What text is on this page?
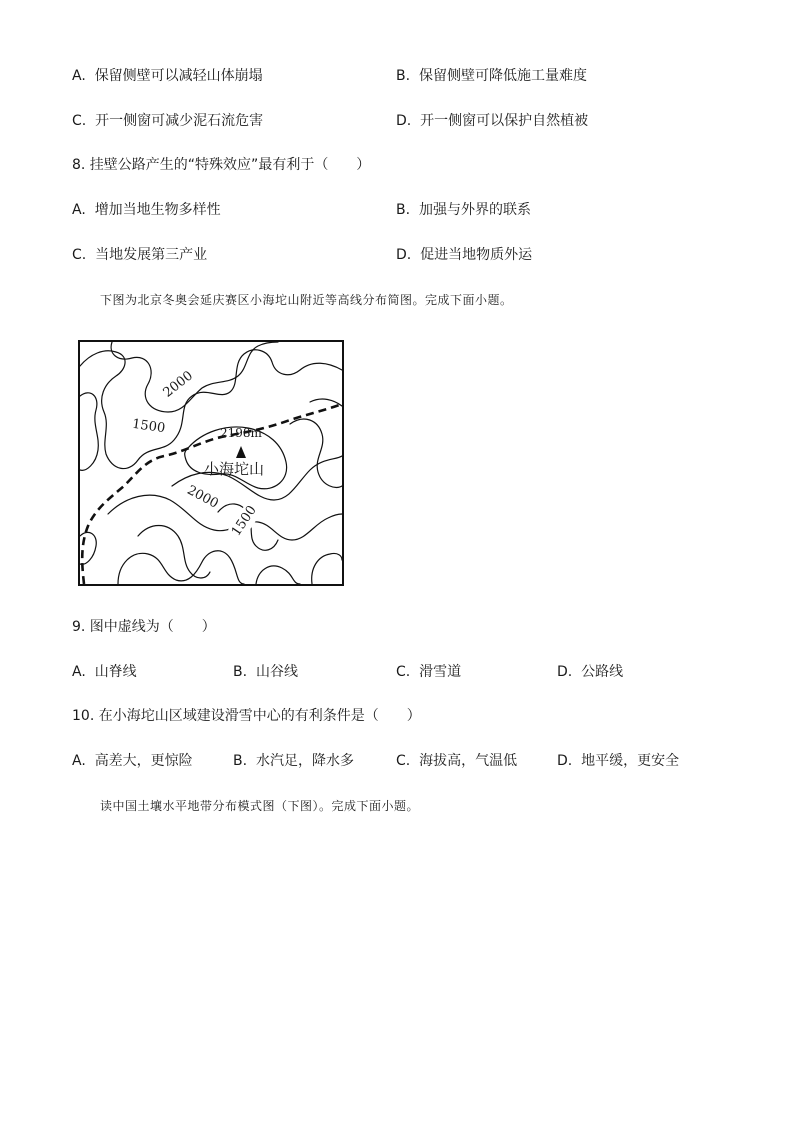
A. 保留侧壁可以减轻山体崩塌	B. 保留侧壁可降低施工量难度
C. 开一侧窗可减少泥石流危害	D. 开一侧窗可以保护自然植被
8. 挂壁公路产生的“特殊效应”最有利于（　　）
A. 增加当地生物多样性	B. 加强与外界的联系
C. 当地发展第三产业	D. 促进当地物质外运
下图为北京冬奥会延庆赛区小海坨山附近等高线分布简图。完成下面小题。
2198m
小海坨山
2000
1500
2000
1500
9. 图中虚线为（　　）
A. 山脊线	B. 山谷线	C. 滑雪道	D. 公路线
10. 在小海坨山区域建设滑雪中心的有利条件是（　　）
A. 高差大，更惊险	B. 水汽足，降水多	C. 海拔高，气温低	D. 地平缓，更安全
读中国土壤水平地带分布模式图（下图）。完成下面小题。
